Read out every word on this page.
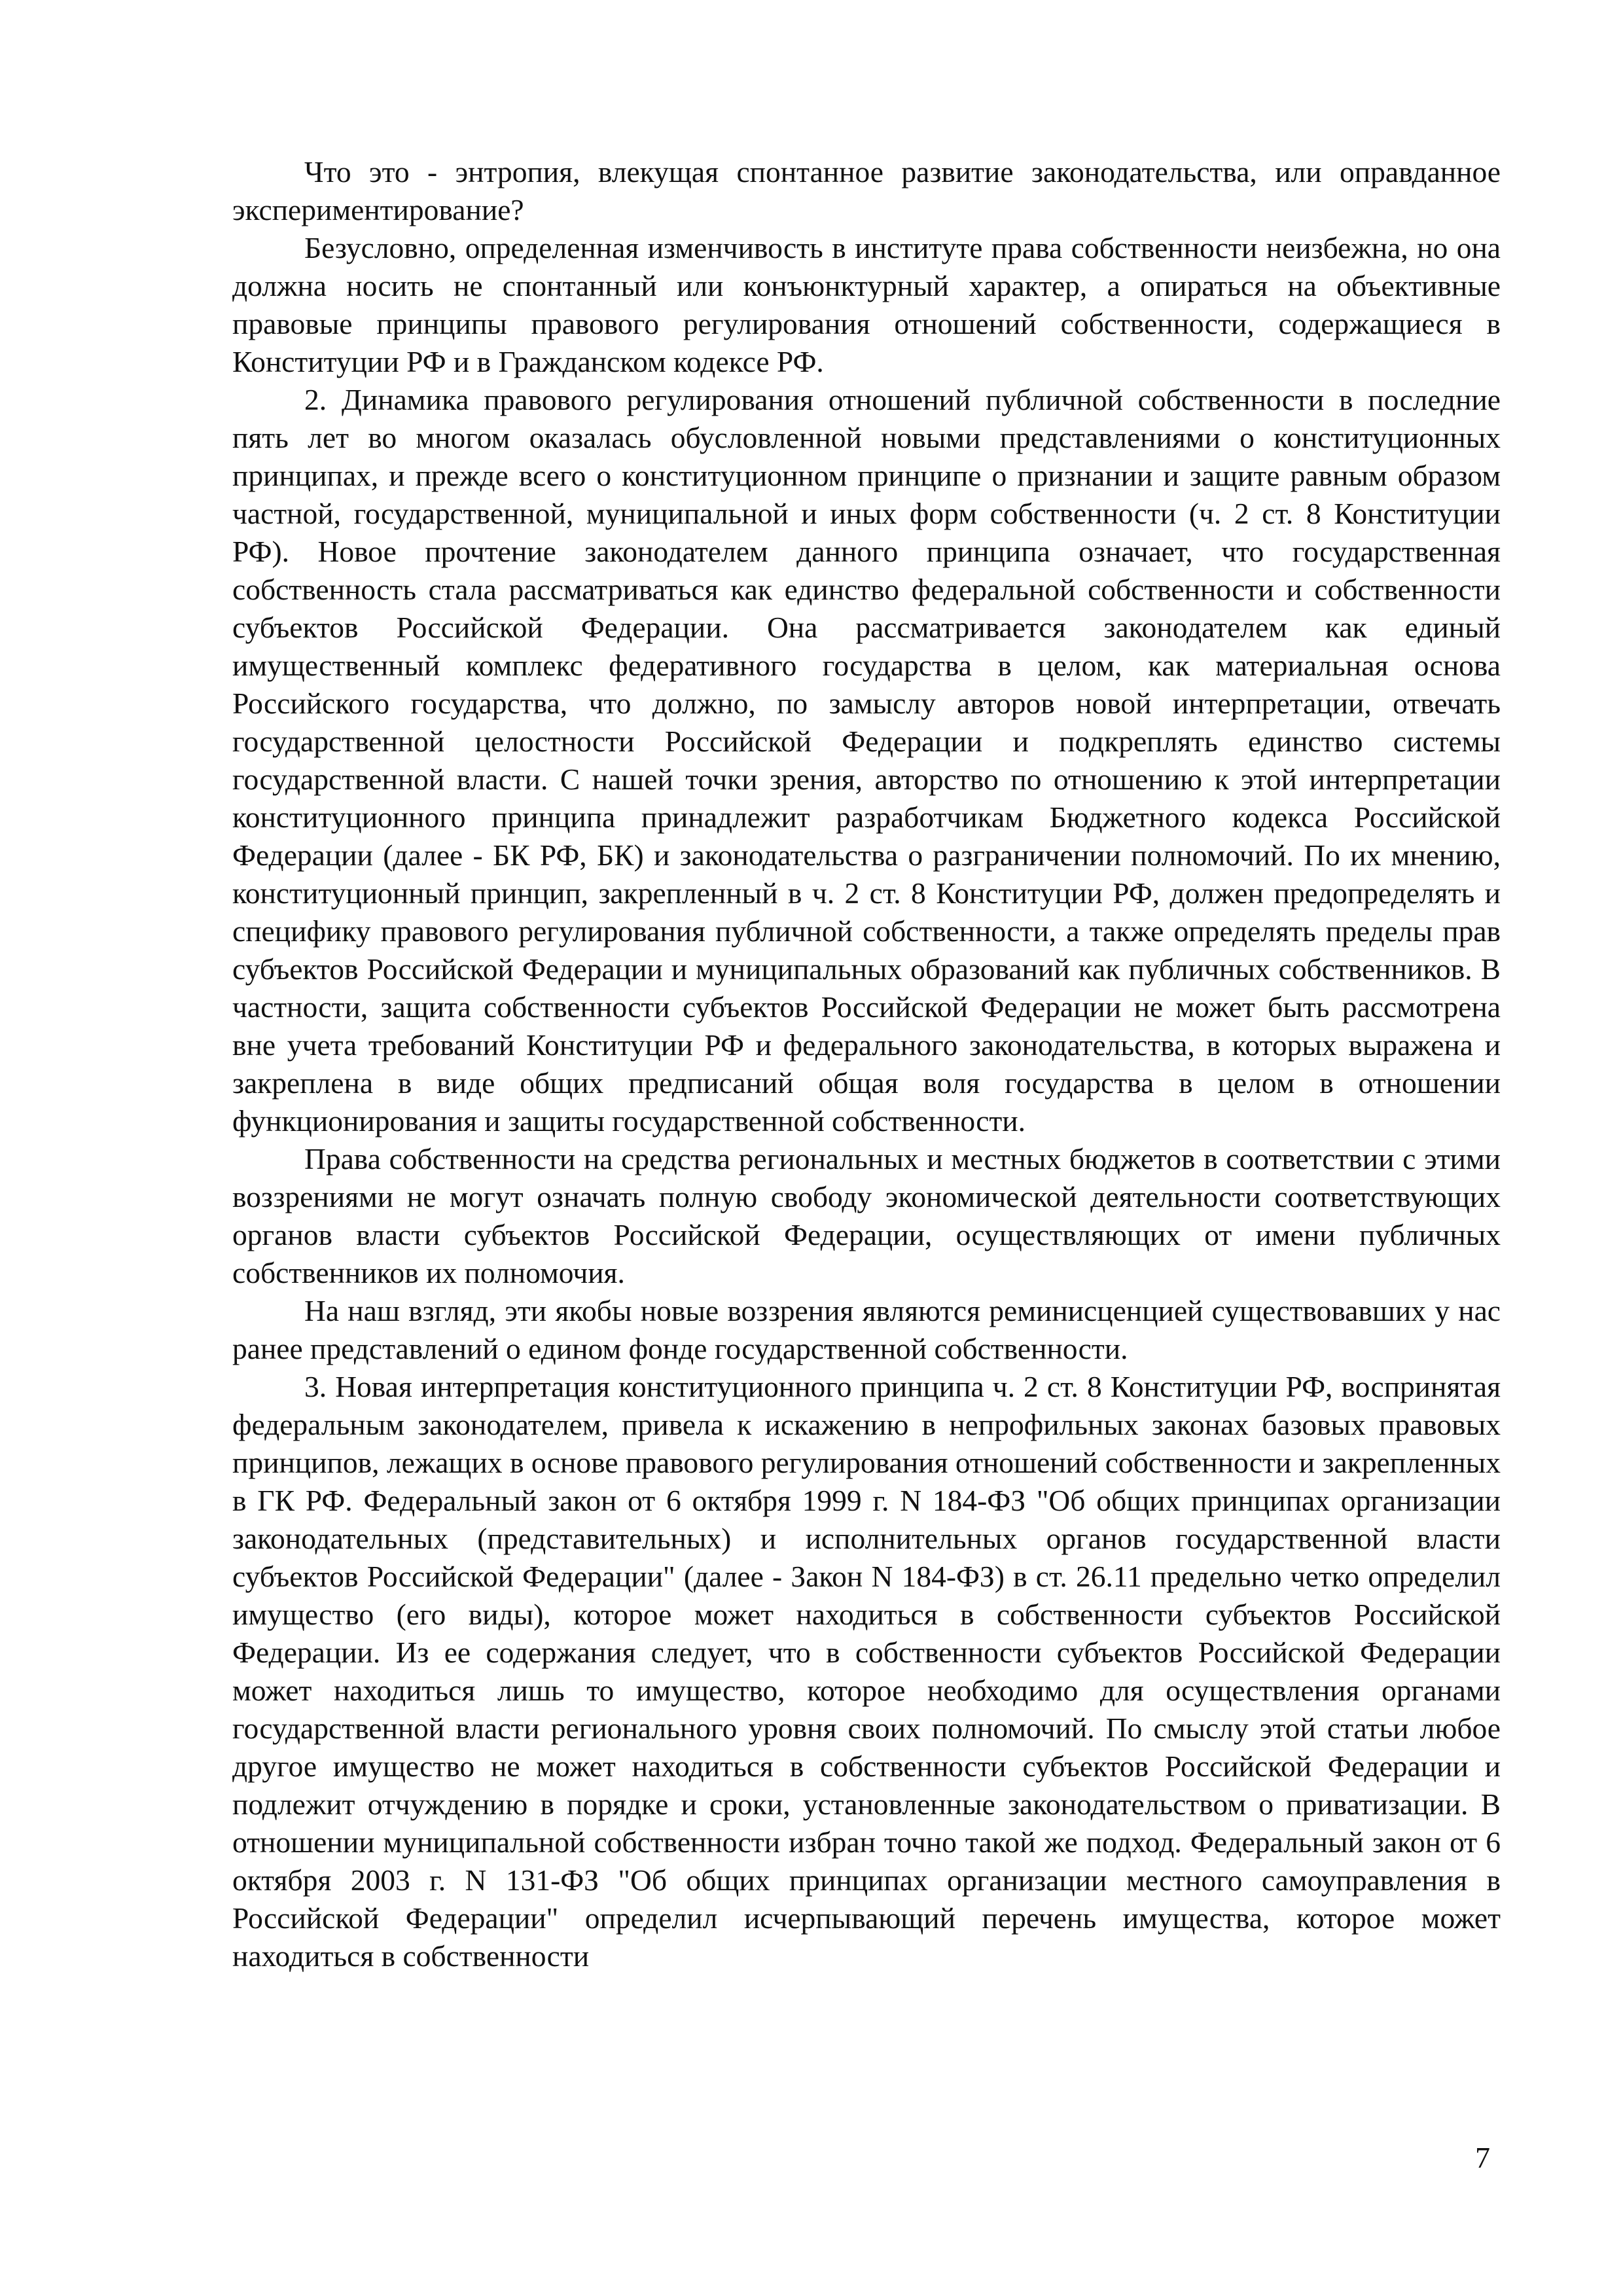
Что это - энтропия, влекущая спонтанное развитие законодательства, или оправданное экспериментирование?

Безусловно, определенная изменчивость в институте права собственности неизбежна, но она должна носить не спонтанный или конъюнктурный характер, а опираться на объективные правовые принципы правового регулирования отношений собственности, содержащиеся в Конституции РФ и в Гражданском кодексе РФ.

2. Динамика правового регулирования отношений публичной собственности в последние пять лет во многом оказалась обусловленной новыми представлениями о конституционных принципах, и прежде всего о конституционном принципе о признании и защите равным образом частной, государственной, муниципальной и иных форм собственности (ч. 2 ст. 8 Конституции РФ). Новое прочтение законодателем данного принципа означает, что государственная собственность стала рассматриваться как единство федеральной собственности и собственности субъектов Российской Федерации. Она рассматривается законодателем как единый имущественный комплекс федеративного государства в целом, как материальная основа Российского государства, что должно, по замыслу авторов новой интерпретации, отвечать государственной целостности Российской Федерации и подкреплять единство системы государственной власти. С нашей точки зрения, авторство по отношению к этой интерпретации конституционного принципа принадлежит разработчикам Бюджетного кодекса Российской Федерации (далее - БК РФ, БК) и законодательства о разграничении полномочий. По их мнению, конституционный принцип, закрепленный в ч. 2 ст. 8 Конституции РФ, должен предопределять и специфику правового регулирования публичной собственности, а также определять пределы прав субъектов Российской Федерации и муниципальных образований как публичных собственников. В частности, защита собственности субъектов Российской Федерации не может быть рассмотрена вне учета требований Конституции РФ и федерального законодательства, в которых выражена и закреплена в виде общих предписаний общая воля государства в целом в отношении функционирования и защиты государственной собственности.

Права собственности на средства региональных и местных бюджетов в соответствии с этими воззрениями не могут означать полную свободу экономической деятельности соответствующих органов власти субъектов Российской Федерации, осуществляющих от имени публичных собственников их полномочия.

На наш взгляд, эти якобы новые воззрения являются реминисценцией существовавших у нас ранее представлений о едином фонде государственной собственности.

3. Новая интерпретация конституционного принципа ч. 2 ст. 8 Конституции РФ, воспринятая федеральным законодателем, привела к искажению в непрофильных законах базовых правовых принципов, лежащих в основе правового регулирования отношений собственности и закрепленных в ГК РФ. Федеральный закон от 6 октября 1999 г. N 184-ФЗ "Об общих принципах организации законодательных (представительных) и исполнительных органов государственной власти субъектов Российской Федерации" (далее - Закон N 184-ФЗ) в ст. 26.11 предельно четко определил имущество (его виды), которое может находиться в собственности субъектов Российской Федерации. Из ее содержания следует, что в собственности субъектов Российской Федерации может находиться лишь то имущество, которое необходимо для осуществления органами государственной власти регионального уровня своих полномочий. По смыслу этой статьи любое другое имущество не может находиться в собственности субъектов Российской Федерации и подлежит отчуждению в порядке и сроки, установленные законодательством о приватизации. В отношении муниципальной собственности избран точно такой же подход. Федеральный закон от 6 октября 2003 г. N 131-ФЗ "Об общих принципах организации местного самоуправления в Российской Федерации" определил исчерпывающий перечень имущества, которое может находиться в собственности

7
